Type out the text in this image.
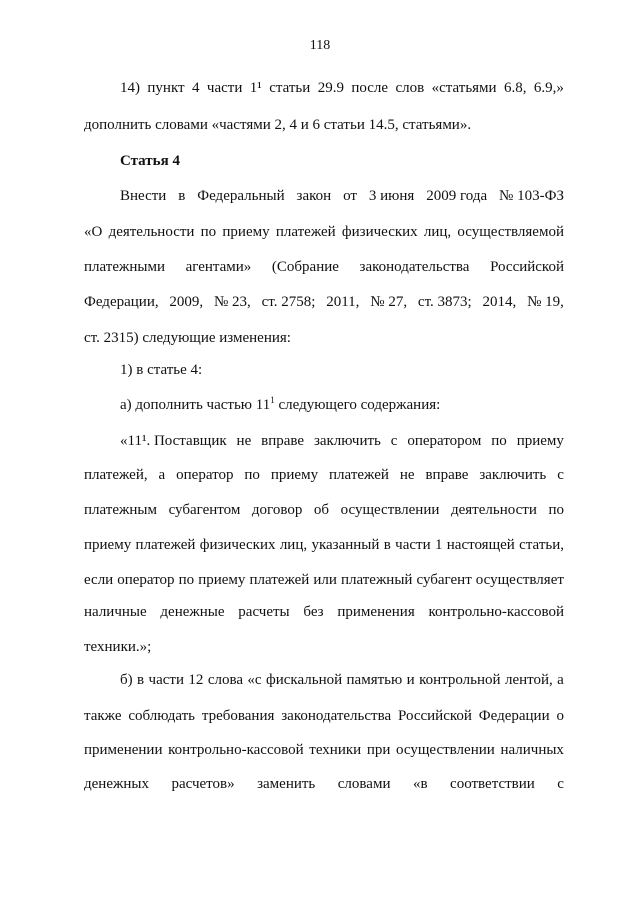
118
14) пункт 4 части 1¹ статьи 29.9 после слов «статьями 6.8, 6.9,»
дополнить словами «частями 2, 4 и 6 статьи 14.5, статьями».
Статья 4
Внести в Федеральный закон от 3 июня 2009 года № 103-ФЗ
«О деятельности по приему платежей физических лиц, осуществляемой
платежными агентами» (Собрание законодательства Российской
Федерации, 2009, № 23, ст. 2758; 2011, № 27, ст. 3873; 2014, № 19,
ст. 2315) следующие изменения:
1) в статье 4:
а) дополнить частью $11^1$ следующего содержания:
«11¹. Поставщик не вправе заключить с оператором по приему
платежей, а оператор по приему платежей не вправе заключить с
платежным субагентом договор об осуществлении деятельности по
приему платежей физических лиц, указанный в части 1 настоящей статьи,
если оператор по приему платежей или платежный субагент осуществляет
наличные денежные расчеты без применения контрольно-кассовой
техники.»;
б) в части 12 слова «с фискальной памятью и контрольной лентой, а
также соблюдать требования законодательства Российской Федерации о
применении контрольно-кассовой техники при осуществлении наличных
денежных расчетов» заменить словами «в соответствии с
